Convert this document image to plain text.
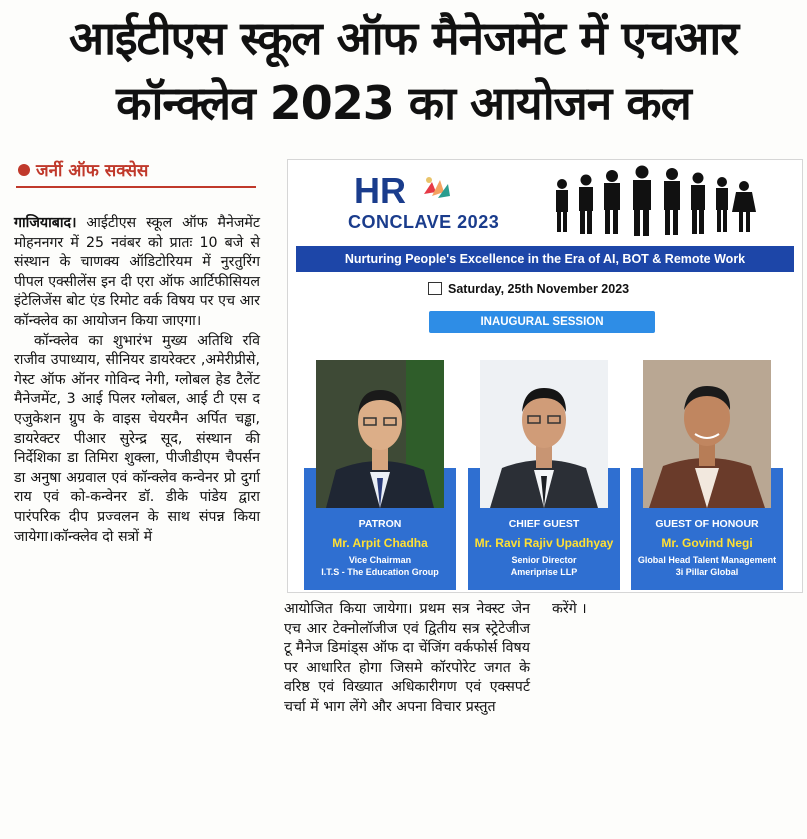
आईटीएस स्कूल ऑफ मैनेजमेंट में एचआर
कॉन्क्लेव 2023 का आयोजन कल
जर्नी ऑफ सक्सेस

गाजियाबाद। आईटीएस स्कूल ऑफ मैनेजमेंट मोहननगर में 25 नवंबर को प्रातः 10 बजे से संस्थान के चाणक्य ऑडिटोरियम में नुरतुरिंग पीपल एक्सीलेंस इन दी एरा ऑफ आर्टिफीसियल इंटेलिजेंस बोट एंड रिमोट वर्क विषय पर एच आर कॉन्क्लेव का आयोजन किया जाएगा।

कॉन्क्लेव का शुभारंभ मुख्य अतिथि रवि राजीव उपाध्याय, सीनियर डायरेक्टर ,अमेरीप्रीसे, गेस्ट ऑफ ऑनर गोविन्द नेगी, ग्लोबल हेड टैलेंट मैनेजमेंट, 3 आई पिलर ग्लोबल, आई टी एस द एजुकेशन ग्रुप के वाइस चेयरमैन अर्पित चड्ढा, डायरेक्टर पीआर सुरेन्द्र सूद, संस्थान की निर्देशिका डा तिमिरा शुक्ला, पीजीडीएम चैपर्सन डा अनुषा अग्रवाल एवं कॉन्क्लेव कन्वेनर प्रो दुर्गा राय एवं को-कन्वेनर डॉ. डीके पांडेय द्वारा पारंपरिक दीप प्रज्वलन के साथ संपन्न किया जायेगा।कॉन्क्लेव दो सत्रों में

आयोजित किया जायेगा। प्रथम सत्र नेक्स्ट जेन एच आर टेक्नोलॉजीज एवं द्वितीय सत्र स्ट्रेटेजीज टू मैनेज डिमांड्स ऑफ दा चेंजिंग वर्कफोर्स विषय पर आधारित होगा जिसमे कॉरपोरेट जगत के वरिष्ठ एवं विख्यात अधिकारीगण एवं एक्सपर्ट चर्चा में भाग लेंगे और अपना विचार प्रस्तुत

करेंगे ।

HR
CONCLAVE 2023
Nurturing People's Excellence in the Era of AI, BOT & Remote Work
Saturday, 25th November 2023
INAUGURAL SESSION
PATRON
Mr. Arpit Chadha
Vice Chairman
I.T.S - The Education Group
CHIEF GUEST
Mr. Ravi Rajiv Upadhyay
Senior Director
Ameriprise LLP
GUEST OF HONOUR
Mr. Govind Negi
Global Head Talent Management
3i Pillar Global
